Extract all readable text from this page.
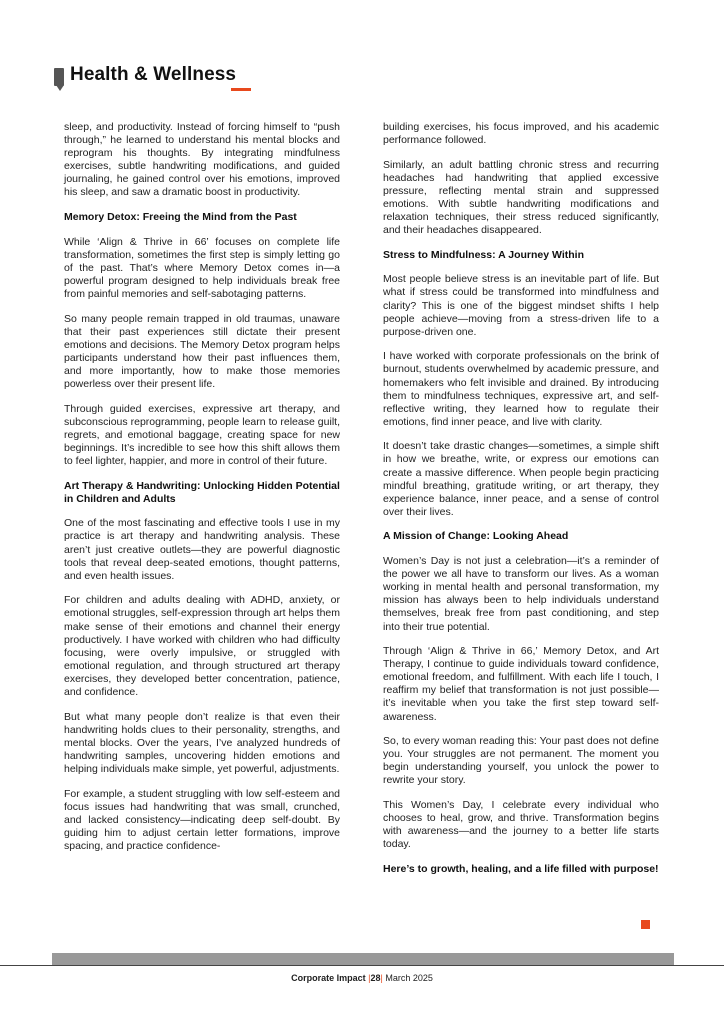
Health & Wellness

sleep, and productivity. Instead of forcing himself to “push through,” he learned to understand his mental blocks and reprogram his thoughts. By integrating mindfulness exercises, subtle handwriting modifications, and guided journaling, he gained control over his emotions, improved his sleep, and saw a dramatic boost in productivity.

Memory Detox: Freeing the Mind from the Past

While ‘Align & Thrive in 66’ focuses on complete life transformation, sometimes the first step is simply letting go of the past. That’s where Memory Detox comes in—a powerful program designed to help individuals break free from painful memories and self-sabotaging patterns.

So many people remain trapped in old traumas, unaware that their past experiences still dictate their present emotions and decisions. The Memory Detox program helps participants understand how their past influences them, and more importantly, how to make those memories powerless over their present life.

Through guided exercises, expressive art therapy, and subconscious reprogramming, people learn to release guilt, regrets, and emotional baggage, creating space for new beginnings. It’s incredible to see how this shift allows them to feel lighter, happier, and more in control of their future.

Art Therapy & Handwriting: Unlocking Hidden Potential in Children and Adults

One of the most fascinating and effective tools I use in my practice is art therapy and handwriting analysis. These aren’t just creative outlets—they are powerful diagnostic tools that reveal deep-seated emotions, thought patterns, and even health issues.

For children and adults dealing with ADHD, anxiety, or emotional struggles, self-expression through art helps them make sense of their emotions and channel their energy productively. I have worked with children who had difficulty focusing, were overly impulsive, or struggled with emotional regulation, and through structured art therapy exercises, they developed better concentration, patience, and confidence.

But what many people don’t realize is that even their handwriting holds clues to their personality, strengths, and mental blocks. Over the years, I’ve analyzed hundreds of handwriting samples, uncovering hidden emotions and helping individuals make simple, yet powerful, adjustments.

For example, a student struggling with low self-esteem and focus issues had handwriting that was small, crunched, and lacked consistency—indicating deep self-doubt. By guiding him to adjust certain letter formations, improve spacing, and practice confidence-

building exercises, his focus improved, and his academic performance followed.

Similarly, an adult battling chronic stress and recurring headaches had handwriting that applied excessive pressure, reflecting mental strain and suppressed emotions. With subtle handwriting modifications and relaxation techniques, their stress reduced significantly, and their headaches disappeared.

Stress to Mindfulness: A Journey Within

Most people believe stress is an inevitable part of life. But what if stress could be transformed into mindfulness and clarity? This is one of the biggest mindset shifts I help people achieve—moving from a stress-driven life to a purpose-driven one.

I have worked with corporate professionals on the brink of burnout, students overwhelmed by academic pressure, and homemakers who felt invisible and drained. By introducing them to mindfulness techniques, expressive art, and self-reflective writing, they learned how to regulate their emotions, find inner peace, and live with clarity.

It doesn’t take drastic changes—sometimes, a simple shift in how we breathe, write, or express our emotions can create a massive difference. When people begin practicing mindful breathing, gratitude writing, or art therapy, they experience balance, inner peace, and a sense of control over their lives.

A Mission of Change: Looking Ahead

Women’s Day is not just a celebration—it’s a reminder of the power we all have to transform our lives. As a woman working in mental health and personal transformation, my mission has always been to help individuals understand themselves, break free from past conditioning, and step into their true potential.

Through ‘Align & Thrive in 66,’ Memory Detox, and Art Therapy, I continue to guide individuals toward confidence, emotional freedom, and fulfillment. With each life I touch, I reaffirm my belief that transformation is not just possible—it’s inevitable when you take the first step toward self-awareness.

So, to every woman reading this: Your past does not define you. Your struggles are not permanent. The moment you begin understanding yourself, you unlock the power to rewrite your story.

This Women’s Day, I celebrate every individual who chooses to heal, grow, and thrive. Transformation begins with awareness—and the journey to a better life starts today.

Here’s to growth, healing, and a life filled with purpose!

Corporate Impact |28| March 2025
